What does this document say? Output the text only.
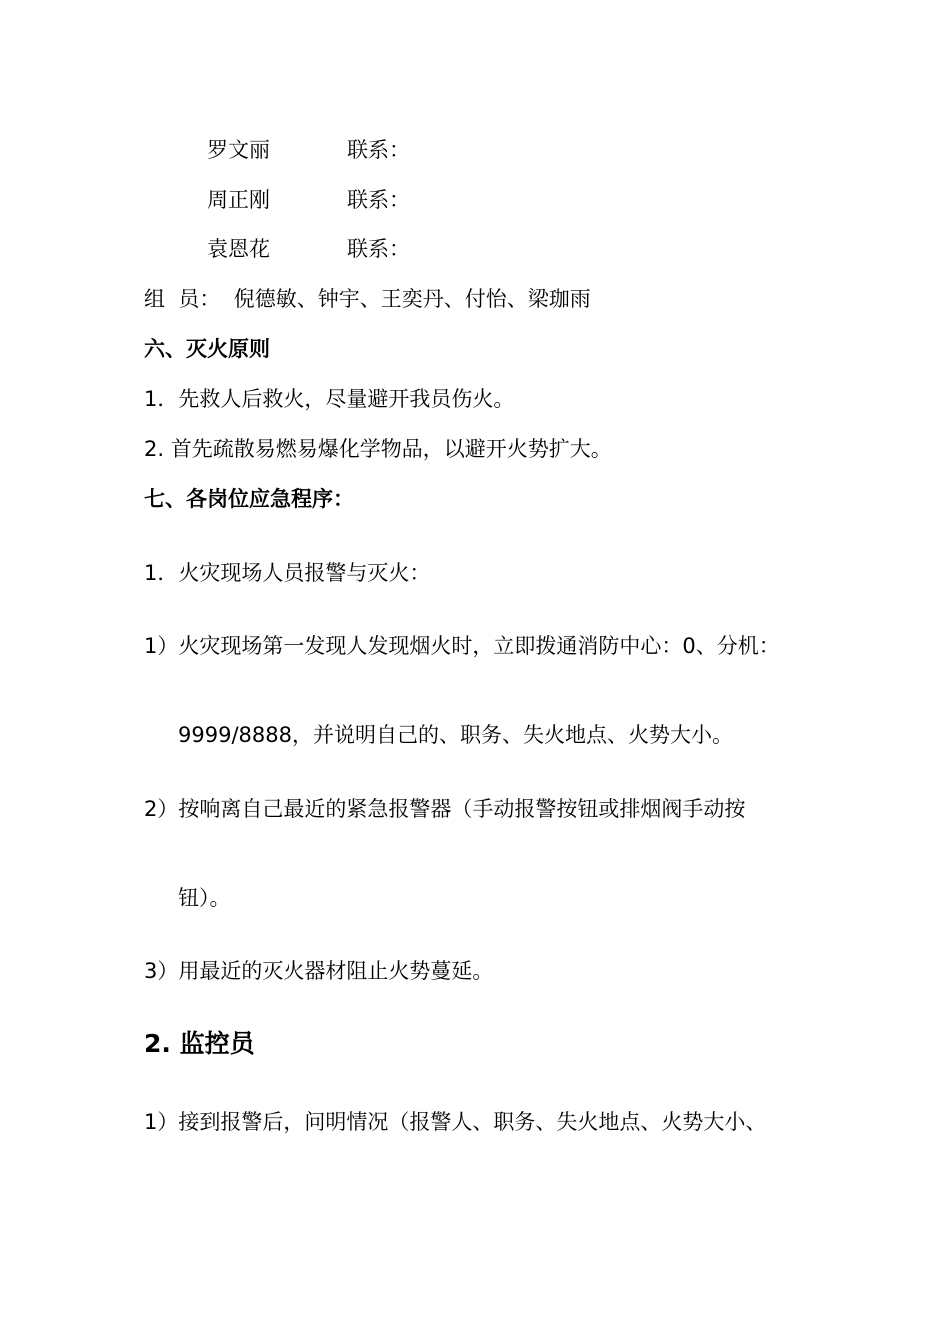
罗文丽	联系：
周正刚	联系：
袁恩花	联系：
组  员：  倪德敏、钟宇、王奕丹、付怡、梁珈雨
六、灭火原则
1．先救人后救火，尽量避开我员伤火。
2. 首先疏散易燃易爆化学物品，以避开火势扩大。
七、各岗位应急程序：
1．火灾现场人员报警与灭火：
1）火灾现场第一发现人发现烟火时，立即拨通消防中心：0、分机：
9999/8888，并说明自己的、职务、失火地点、火势大小。
2）按响离自己最近的紧急报警器（手动报警按钮或排烟阀手动按
钮）。
3）用最近的灭火器材阻止火势蔓延。
2. 监控员
1）接到报警后，问明情况（报警人、职务、失火地点、火势大小、
